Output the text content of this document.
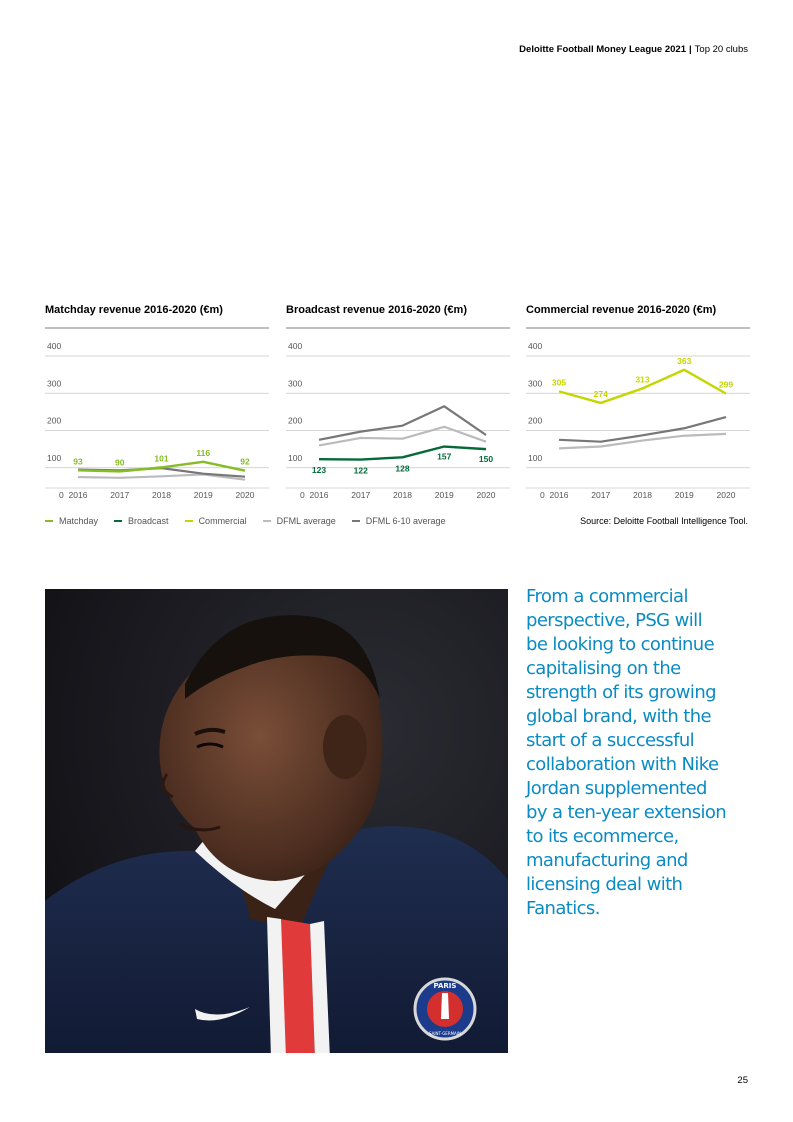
Deloitte Football Money League 2021 | Top 20 clubs
Matchday revenue 2016-2020 (€m)
0
100
200
300
400
2016	2017	2018	2019	2020
93	90	101
116
92
Broadcast revenue 2016-2020 (€m)
0
100
200
300
400
2016	2017	2018	2019	2020
123	122	128
157	150
Commercial revenue 2016-2020 (€m)
0
100
200
300
400
2016	2017	2018	2019	2020
305
274
313
363
299
Matchday	Broadcast	Commercial	DFML average	DFML 6-10 average	Source: Deloitte Football Intelligence Tool.
PARIS
SAINT-GERMAIN
From a commercial
perspective, PSG will
be looking to continue
capitalising on the
strength of its growing
global brand, with the
start of a successful
collaboration with Nike
Jordan supplemented
by a ten-year extension
to its ecommerce,
manufacturing and
licensing deal with
Fanatics.
25
